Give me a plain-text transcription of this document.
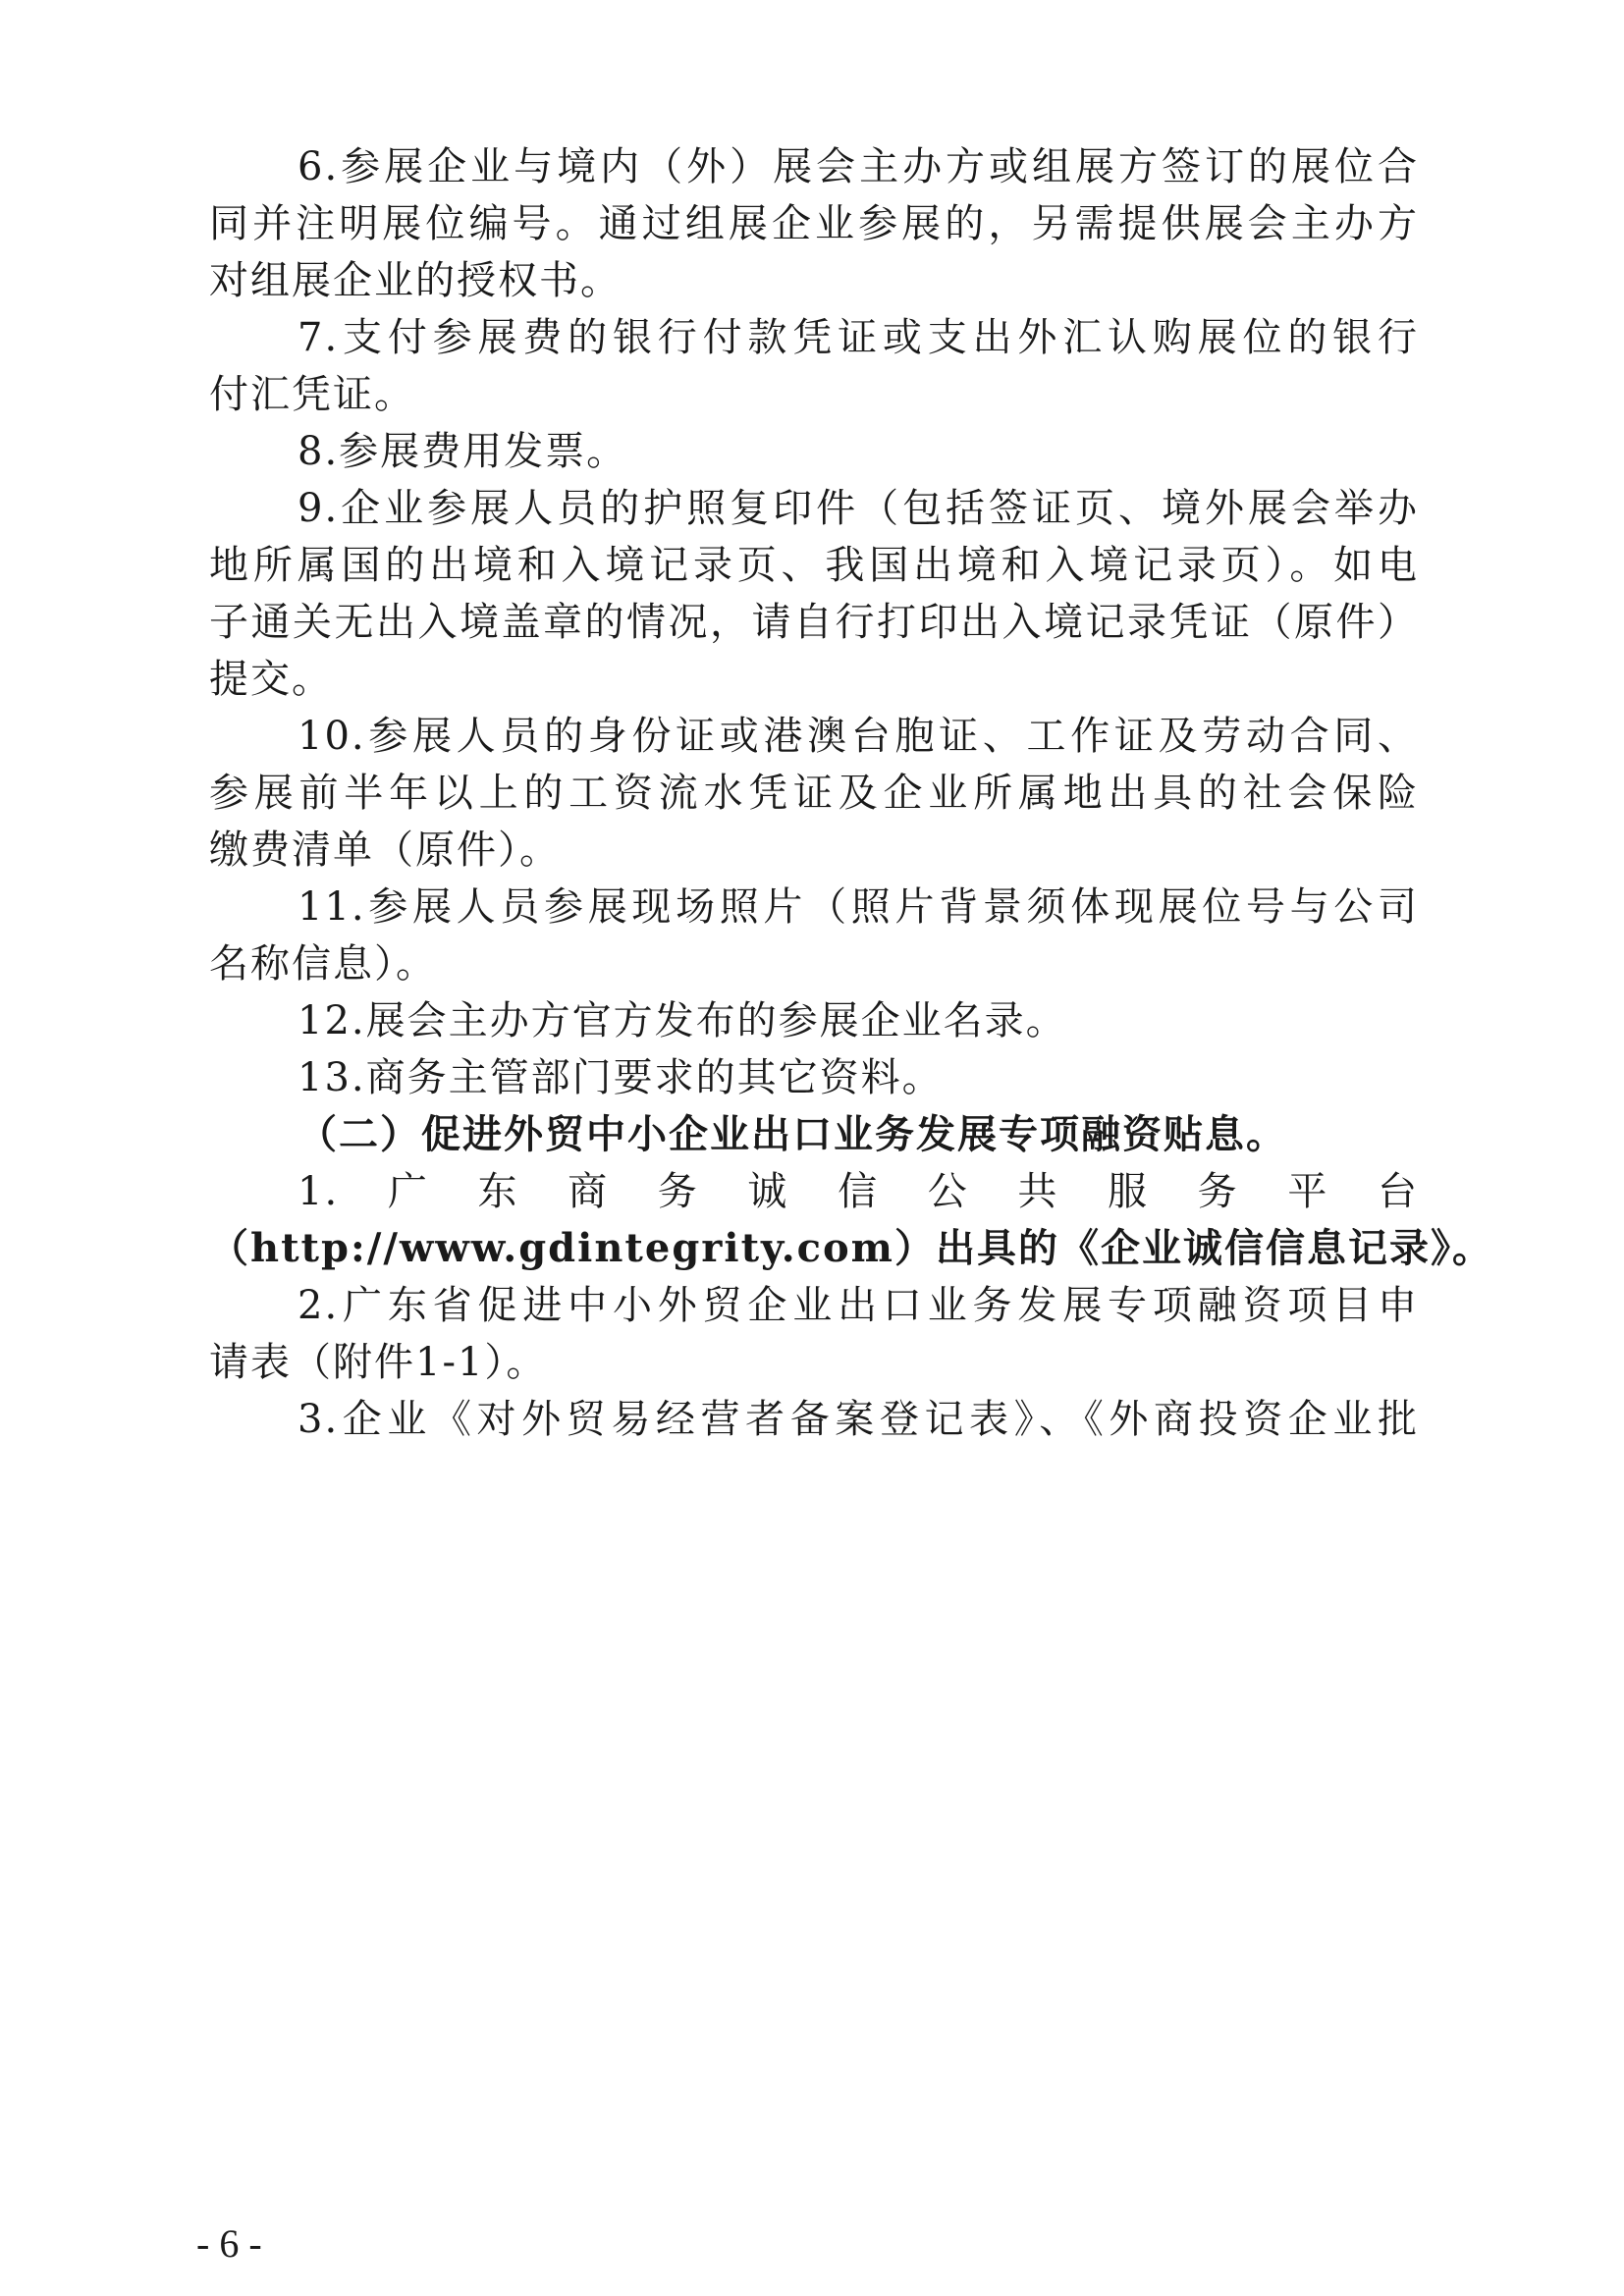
6.参展企业与境内（外）展会主办方或组展方签订的展位合
同并注明展位编号。通过组展企业参展的，另需提供展会主办方
对组展企业的授权书。
7.支付参展费的银行付款凭证或支出外汇认购展位的银行
付汇凭证。
8.参展费用发票。
9.企业参展人员的护照复印件（包括签证页、境外展会举办
地所属国的出境和入境记录页、我国出境和入境记录页）。如电
子通关无出入境盖章的情况，请自行打印出入境记录凭证（原件）
提交。
10.参展人员的身份证或港澳台胞证、工作证及劳动合同、
参展前半年以上的工资流水凭证及企业所属地出具的社会保险
缴费清单（原件）。
11.参展人员参展现场照片（照片背景须体现展位号与公司
名称信息）。
12.展会主办方官方发布的参展企业名录。
13.商务主管部门要求的其它资料。
（二）促进外贸中小企业出口业务发展专项融资贴息。
1.　广　东　商　务　诚　信　公　共　服　务　平　台
（http://www.gdintegrity.com）出具的《企业诚信信息记录》。
2.广东省促进中小外贸企业出口业务发展专项融资项目申
请表（附件1-1）。
3.企业《对外贸易经营者备案登记表》、《外商投资企业批
- 6 -
